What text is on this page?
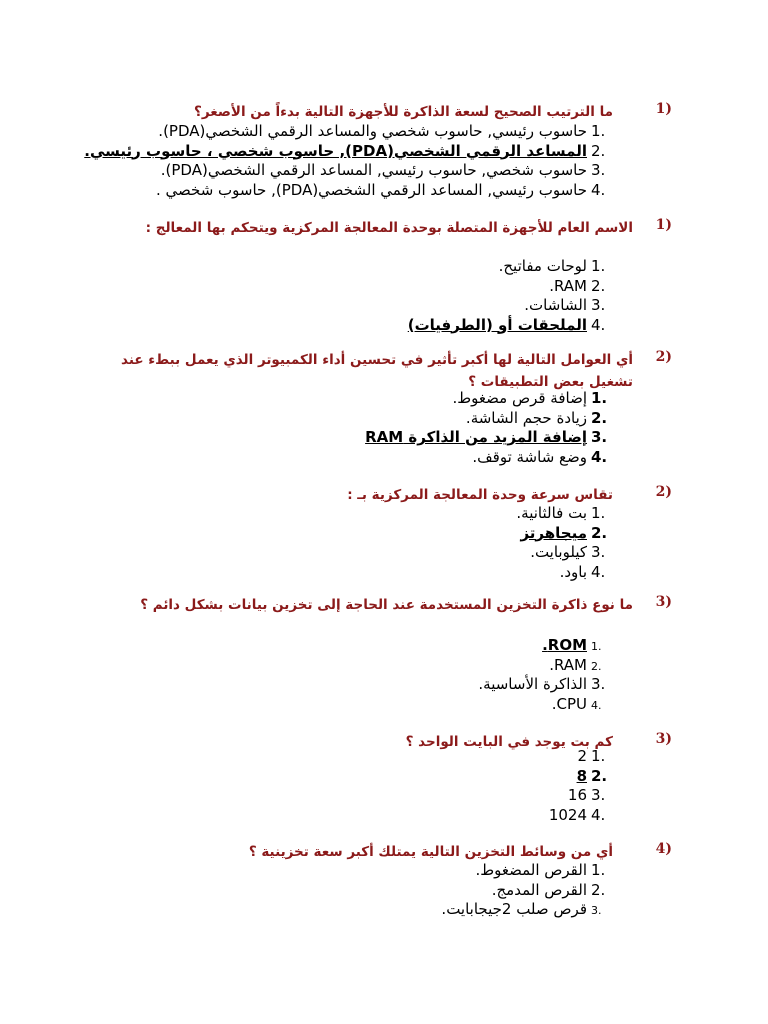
1)
ما الترتيب الصحيح لسعة الذاكرة للأجهزة التالية بدءاً من الأصغر؟
1.
حاسوب رئيسي, حاسوب شخصي والمساعد الرقمي الشخصي(PDA).
2.
المساعد الرقمي الشخصي(PDA), حاسوب شخصي ، حاسوب رئيسي.
3.
حاسوب شخصي, حاسوب رئيسي, المساعد الرقمي الشخصي(PDA).
4.
حاسوب رئيسي, المساعد الرقمي الشخصي(PDA), حاسوب شخصي .
1)
الاسم العام للأجهزة المتصلة بوحدة المعالجة المركزية ويتحكم بها المعالج :
1.
لوحات مفاتيح.
2.
RAM.
3.
الشاشات.
4.
الملحقات أو (الطرفيات)
2)
أي العوامل التالية لها أكبر تأثير في تحسين أداء الكمبيوتر الذي يعمل ببطء عند تشغيل بعض التطبيقات ؟
1.
إضافة قرص مضغوط.
2.
زيادة حجم الشاشة.
3.
إضافة المزيد من الذاكرة RAM
4.
وضع شاشة توقف.
2)
تقاس سرعة وحدة المعالجة المركزية بـ :
1.
بت فالثانية.
2.
ميجاهرتز
3.
كيلوبايت.
4.
باود.
3)
ما نوع ذاكرة التخزين المستخدمة عند الحاجة إلى تخزين بيانات بشكل دائم ؟
1.
ROM.
2.
RAM.
3.
الذاكرة الأساسية.
4.
CPU.
3)
كم بت يوجد في البايت الواحد ؟
1.
2
2.
8
3.
16
4.
1024
4)
أي من وسائط التخزين التالية يمتلك أكبر سعة تخزينية ؟
1.
القرص المضغوط.
2.
القرص المدمج.
3.
قرص صلب 2جيجابايت.
